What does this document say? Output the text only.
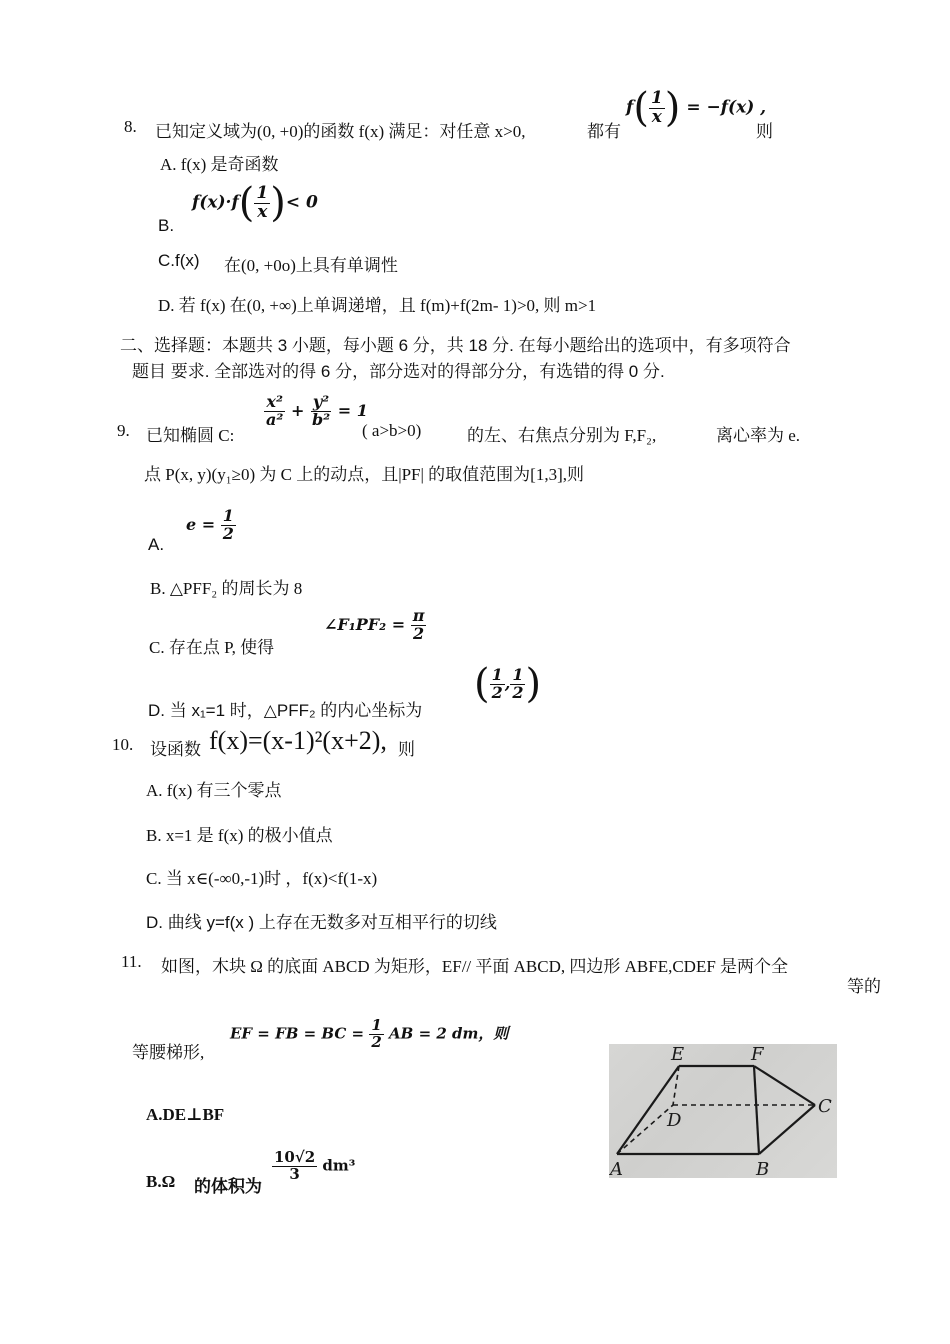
8. 已知定义域为(0, +0)的函数 f(x) 满足：对任意 x>0,	都有
$f( \frac{1}{x}$ ) = −f(x) ,
则
A. f(x) 是奇函数
B.
$f(x)\cdot f( \frac{1}{x}$ )< 0
C.f(x) 在(0, +0o)上具有单调性
D. 若 f(x) 在(0, +∞)上单调递增，且 f(m)+f(2m- 1)>0, 则 m>1
二、选择题：本题共 3 小题，每小题 6 分，共 18 分. 在每小题给出的选项中，有多项符合
题目 要求. 全部选对的得 6 分，部分选对的得部分分，有选错的得 0 分.
9. 已知椭圆 C:
$\frac{\text{x²}}{\text{a²}} + \frac{\text{y²}}{\text{b²}} = 1$
( a>b>0)	的左、右焦点分别为 F,F₂,	离心率为 e.
点 P(x, y)(y₁≥0) 为 C 上的动点，且|PF| 的取值范围为[1,3],则
A.
$e = \frac{1}{2}$
B. △PFF₂ 的周长为 8
C. 存在点 P, 使得
∠F₁PF₂ = $\frac{\pi}{2}$
D. 当 x₁=1 时，△PFF₂ 的内心坐标为
( $\frac{1}{2}$ , $\frac{1}{2}$ )
10. 设函数 f(x)=(x-1)²(x+2), 则
A. f(x) 有三个零点
B. x=1 是 f(x) 的极小值点
C. 当 x∈(-∞0,-1)时 ，f(x)<f(1-x)
D. 曲线 y=f(x ) 上存在无数多对互相平行的切线
11. 如图，木块 Ω 的底面 ABCD 为矩形，EF// 平面 ABCD, 四边形 ABFE,CDEF 是两个全
等的
等腰梯形,
EF = FB = BC = $\frac{1}{2}$ AB = 2 dm，则
A.DE⊥BF
B.Ω 的体积为
$\frac{10√2}{3} dm^3$
E	F
D
C
A	B
